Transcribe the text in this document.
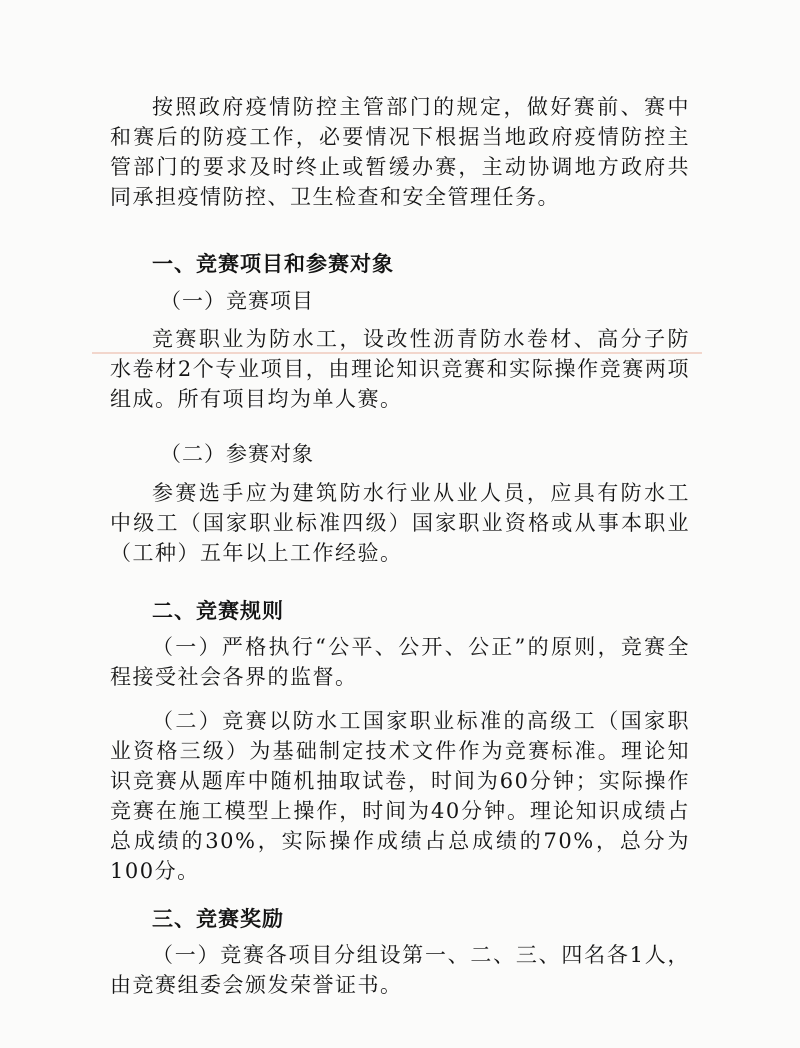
按照政府疫情防控主管部门的规定，做好赛前、赛中和赛后的防疫工作，必要情况下根据当地政府疫情防控主管部门的要求及时终止或暂缓办赛，主动协调地方政府共同承担疫情防控、卫生检查和安全管理任务。

一、竞赛项目和参赛对象
（一）竞赛项目

竞赛职业为防水工，设改性沥青防水卷材、高分子防水卷材2个专业项目，由理论知识竞赛和实际操作竞赛两项组成。所有项目均为单人赛。

（二）参赛对象

参赛选手应为建筑防水行业从业人员，应具有防水工中级工（国家职业标准四级）国家职业资格或从事本职业（工种）五年以上工作经验。

二、竞赛规则

（一）严格执行“公平、公开、公正”的原则，竞赛全程接受社会各界的监督。

（二）竞赛以防水工国家职业标准的高级工（国家职业资格三级）为基础制定技术文件作为竞赛标准。理论知识竞赛从题库中随机抽取试卷，时间为60分钟；实际操作竞赛在施工模型上操作，时间为40分钟。理论知识成绩占总成绩的30%，实际操作成绩占总成绩的70%，总分为100分。

三、竞赛奖励

（一）竞赛各项目分组设第一、二、三、四名各1人，由竞赛组委会颁发荣誉证书。
